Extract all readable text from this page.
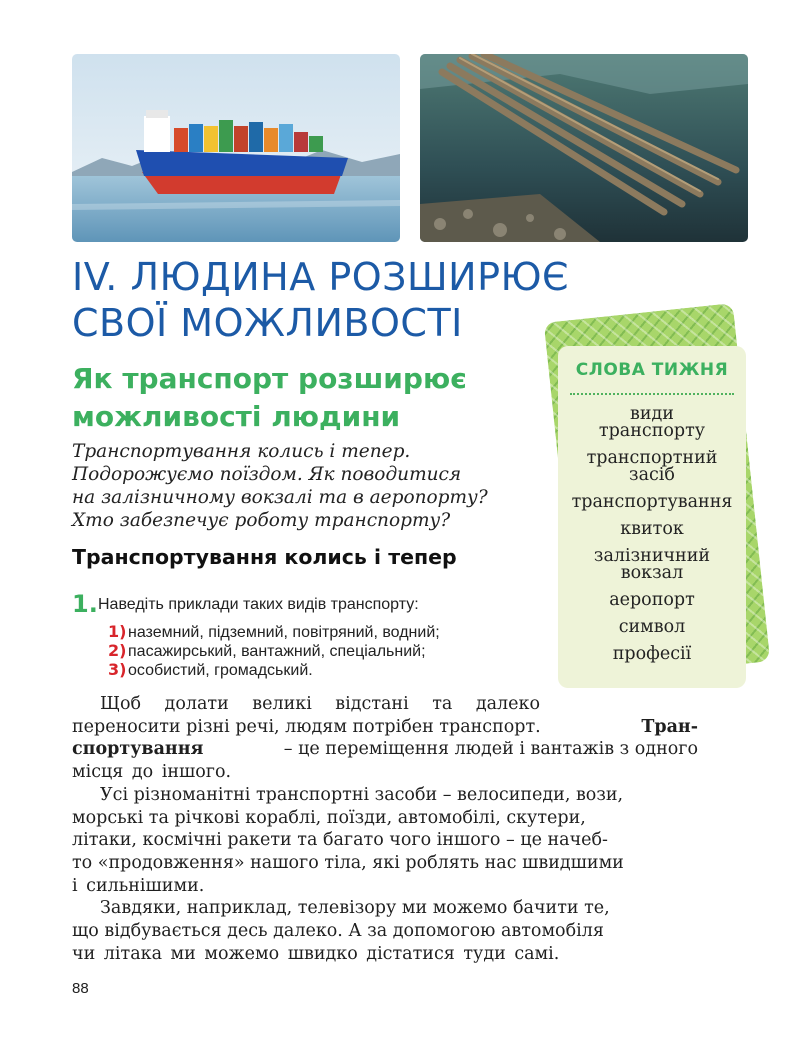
IV. ЛЮДИНА РОЗШИРЮЄ
СВОЇ МОЖЛИВОСТІ
Як транспорт розширює
можливості людини
Транспортування колись і тепер.
Подорожуємо поїздом. Як поводитися
на залізничному вокзалі та в аеропорту?
Хто забезпечує роботу транспорту?
СЛОВА ТИЖНЯ
види
транспорту
транспортний
засіб
транспортування
квиток
залізничний
вокзал
аеропорт
символ
професії
Транспортування колись і тепер
1. Наведіть приклади таких видів транспорту:
1)наземний, підземний, повітряний, водний;
2)пасажирський, вантажний, спеціальний;
3)особистий, громадський.
Щоб долати великі відстані та далеко
переносити різні речі, людям потрібен транспорт.	Тран-
спортування	– це переміщення людей і вантажів з одного
місця до іншого.
Усі різноманітні транспортні засоби – велосипеди, вози,
морські та річкові кораблі, поїзди, автомобілі, скутери,
літаки, космічні ракети та багато чого іншого – це начеб-
то «продовження» нашого тіла, які роблять нас швидшими
і сильнішими.
Завдяки, наприклад, телевізору ми можемо бачити те,
що відбувається десь далеко. А за допомогою автомобіля
чи літака ми можемо швидко дістатися туди самі.
88
